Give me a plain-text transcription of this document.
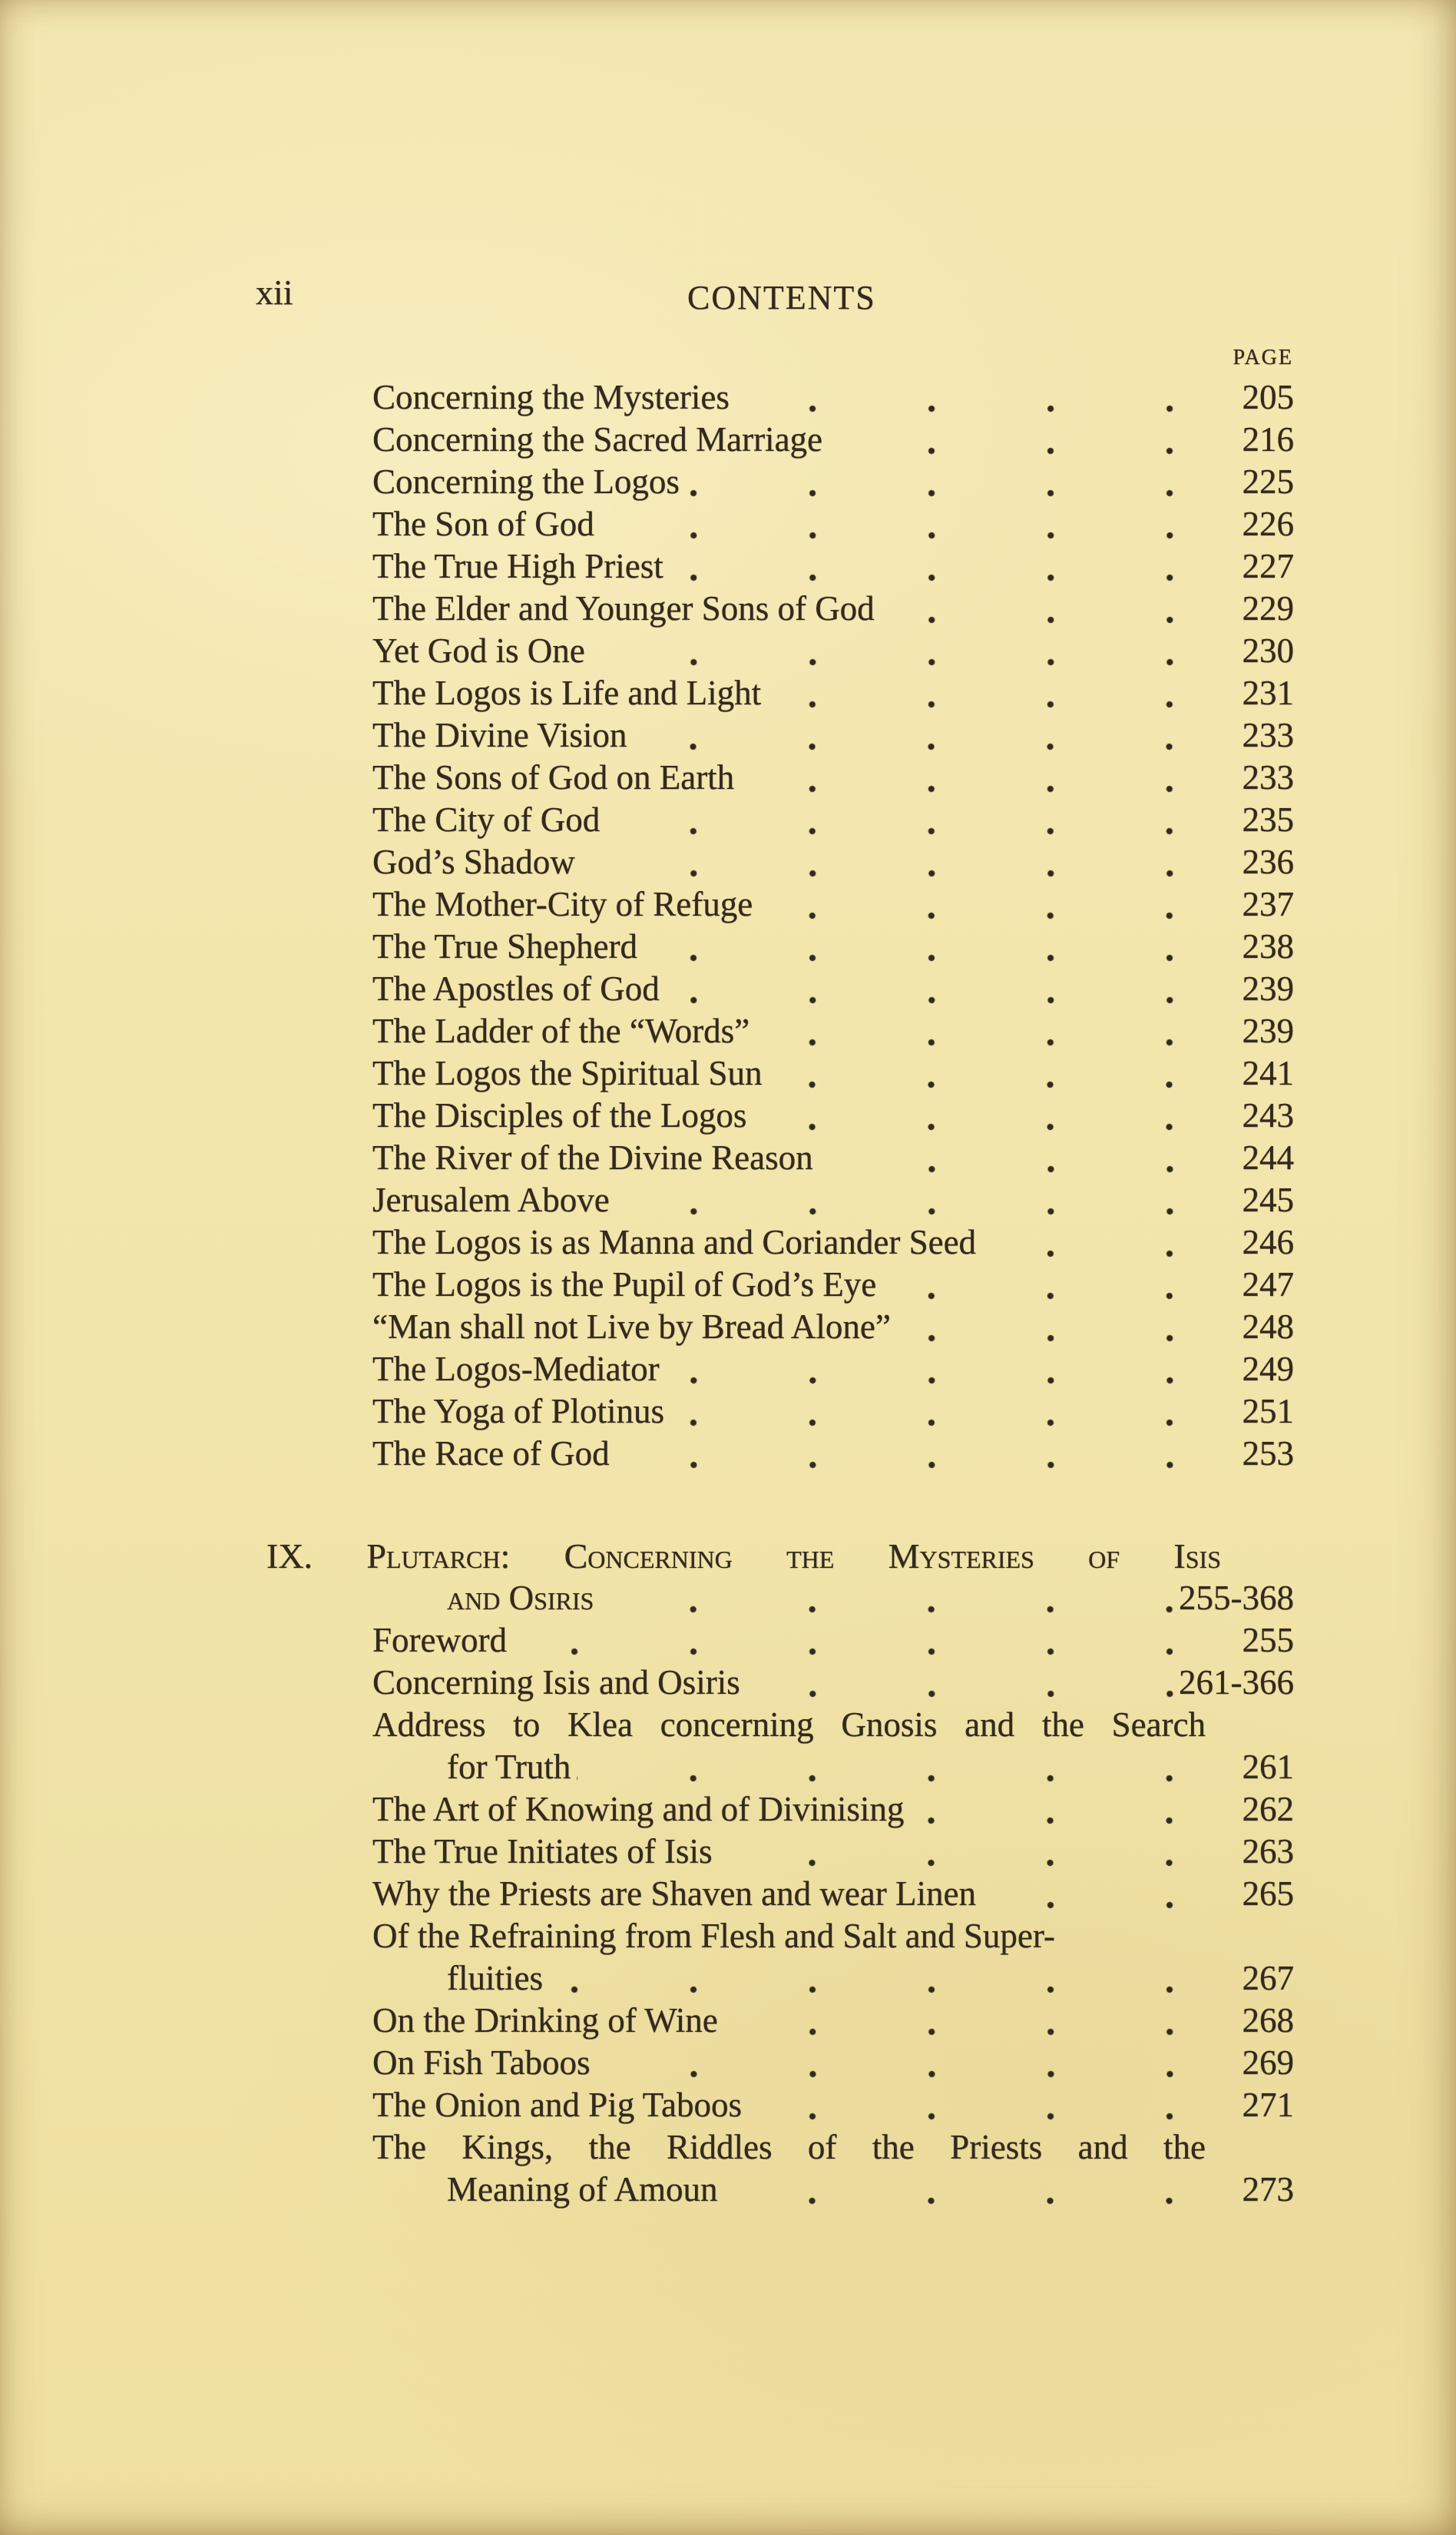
xii	CONTENTS
PAGE
Concerning the Mysteries	205
Concerning the Sacred Marriage	216
Concerning the Logos	225
The Son of God	226
The True High Priest	227
The Elder and Younger Sons of God	229
Yet God is One	230
The Logos is Life and Light	231
The Divine Vision	233
The Sons of God on Earth	233
The City of God	235
God’s Shadow	236
The Mother-City of Refuge	237
The True Shepherd	238
The Apostles of God	239
The Ladder of the “Words”	239
The Logos the Spiritual Sun	241
The Disciples of the Logos	243
The River of the Divine Reason	244
Jerusalem Above	245
The Logos is as Manna and Coriander Seed	246
The Logos is the Pupil of God’s Eye	247
“Man shall not Live by Bread Alone”	248
The Logos-Mediator	249
The Yoga of Plotinus	251
The Race of God	253
IX. Plutarch: Concerning the Mysteries of Isis
and Osiris	255-368
Foreword	255
Concerning Isis and Osiris	261-366
Address to Klea concerning Gnosis and the Search
for Truth	261
The Art of Knowing and of Divinising	262
The True Initiates of Isis	263
Why the Priests are Shaven and wear Linen	265
Of the Refraining from Flesh and Salt and Super-
fluities	267
On the Drinking of Wine	268
On Fish Taboos	269
The Onion and Pig Taboos	271
The Kings, the Riddles of the Priests and the
Meaning of Amoun	273
